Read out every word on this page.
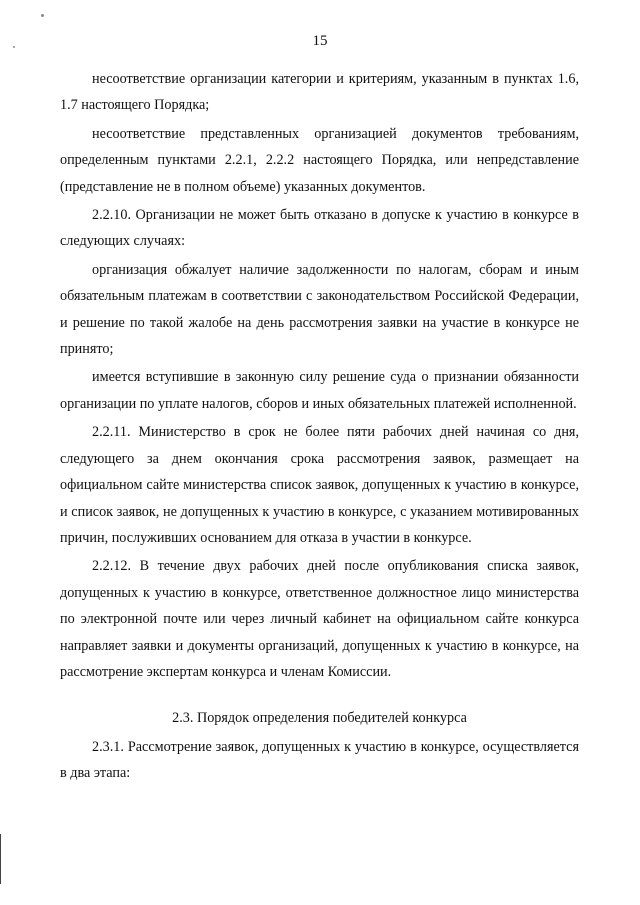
15

несоответствие организации категории и критериям, указанным в пунктах 1.6, 1.7 настоящего Порядка;

несоответствие представленных организацией документов требованиям, определенным пунктами 2.2.1, 2.2.2 настоящего Порядка, или непредставление (представление не в полном объеме) указанных документов.

2.2.10. Организации не может быть отказано в допуске к участию в конкурсе в следующих случаях:

организация обжалует наличие задолженности по налогам, сборам и иным обязательным платежам в соответствии с законодательством Российской Федерации, и решение по такой жалобе на день рассмотрения заявки на участие в конкурсе не принято;

имеется вступившие в законную силу решение суда о признании обязанности организации по уплате налогов, сборов и иных обязательных платежей исполненной.

2.2.11. Министерство в срок не более пяти рабочих дней начиная со дня, следующего за днем окончания срока рассмотрения заявок, размещает на официальном сайте министерства список заявок, допущенных к участию в конкурсе, и список заявок, не допущенных к участию в конкурсе, с указанием мотивированных причин, послуживших основанием для отказа в участии в конкурсе.

2.2.12. В течение двух рабочих дней после опубликования списка заявок, допущенных к участию в конкурсе, ответственное должностное лицо министерства по электронной почте или через личный кабинет на официальном сайте конкурса направляет заявки и документы организаций, допущенных к участию в конкурсе, на рассмотрение экспертам конкурса и членам Комиссии.

2.3. Порядок определения победителей конкурса

2.3.1. Рассмотрение заявок, допущенных к участию в конкурсе, осуществляется в два этапа:
